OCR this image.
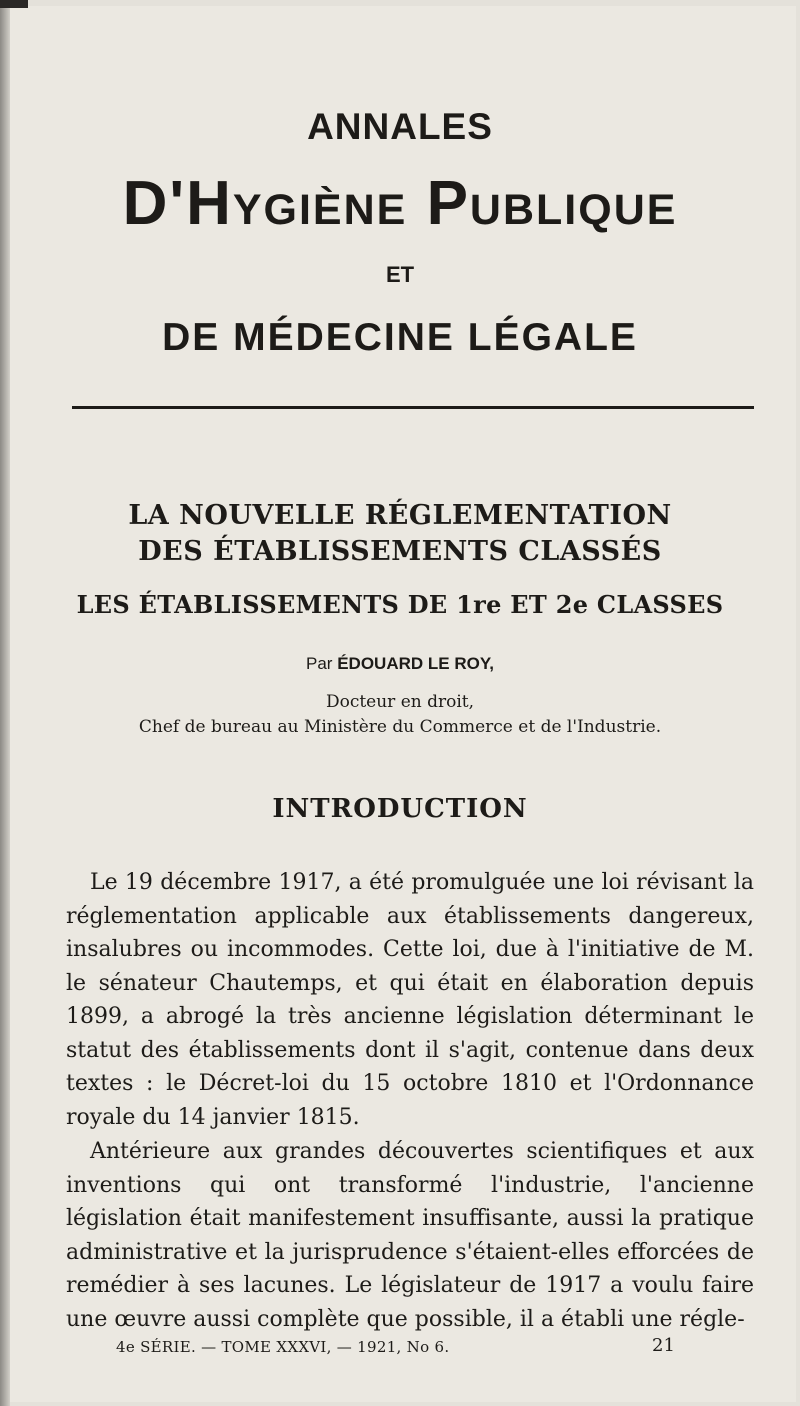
ANNALES
D'Hygiène Publique
ET
DE MÉDECINE LÉGALE
LA NOUVELLE RÉGLEMENTATION
DES ÉTABLISSEMENTS CLASSÉS
LES ÉTABLISSEMENTS DE 1re ET 2e CLASSES
Par ÉDOUARD LE ROY,
Docteur en droit,
Chef de bureau au Ministère du Commerce et de l'Industrie.
INTRODUCTION

Le 19 décembre 1917, a été promulguée une loi révisant la réglementation applicable aux établissements dangereux, insalubres ou incommodes. Cette loi, due à l'initiative de M. le sénateur Chautemps, et qui était en élaboration depuis 1899, a abrogé la très ancienne législation déterminant le statut des établissements dont il s'agit, contenue dans deux textes : le Décret-loi du 15 octobre 1810 et l'Ordonnance royale du 14 janvier 1815.

Antérieure aux grandes découvertes scientifiques et aux inventions qui ont transformé l'industrie, l'ancienne législation était manifestement insuffisante, aussi la pratique administrative et la jurisprudence s'étaient-elles efforcées de remédier à ses lacunes. Le législateur de 1917 a voulu faire une œuvre aussi complète que possible, il a établi une régle-

4e SÉRIE. — TOME XXXVI, — 1921, No 6.	21
